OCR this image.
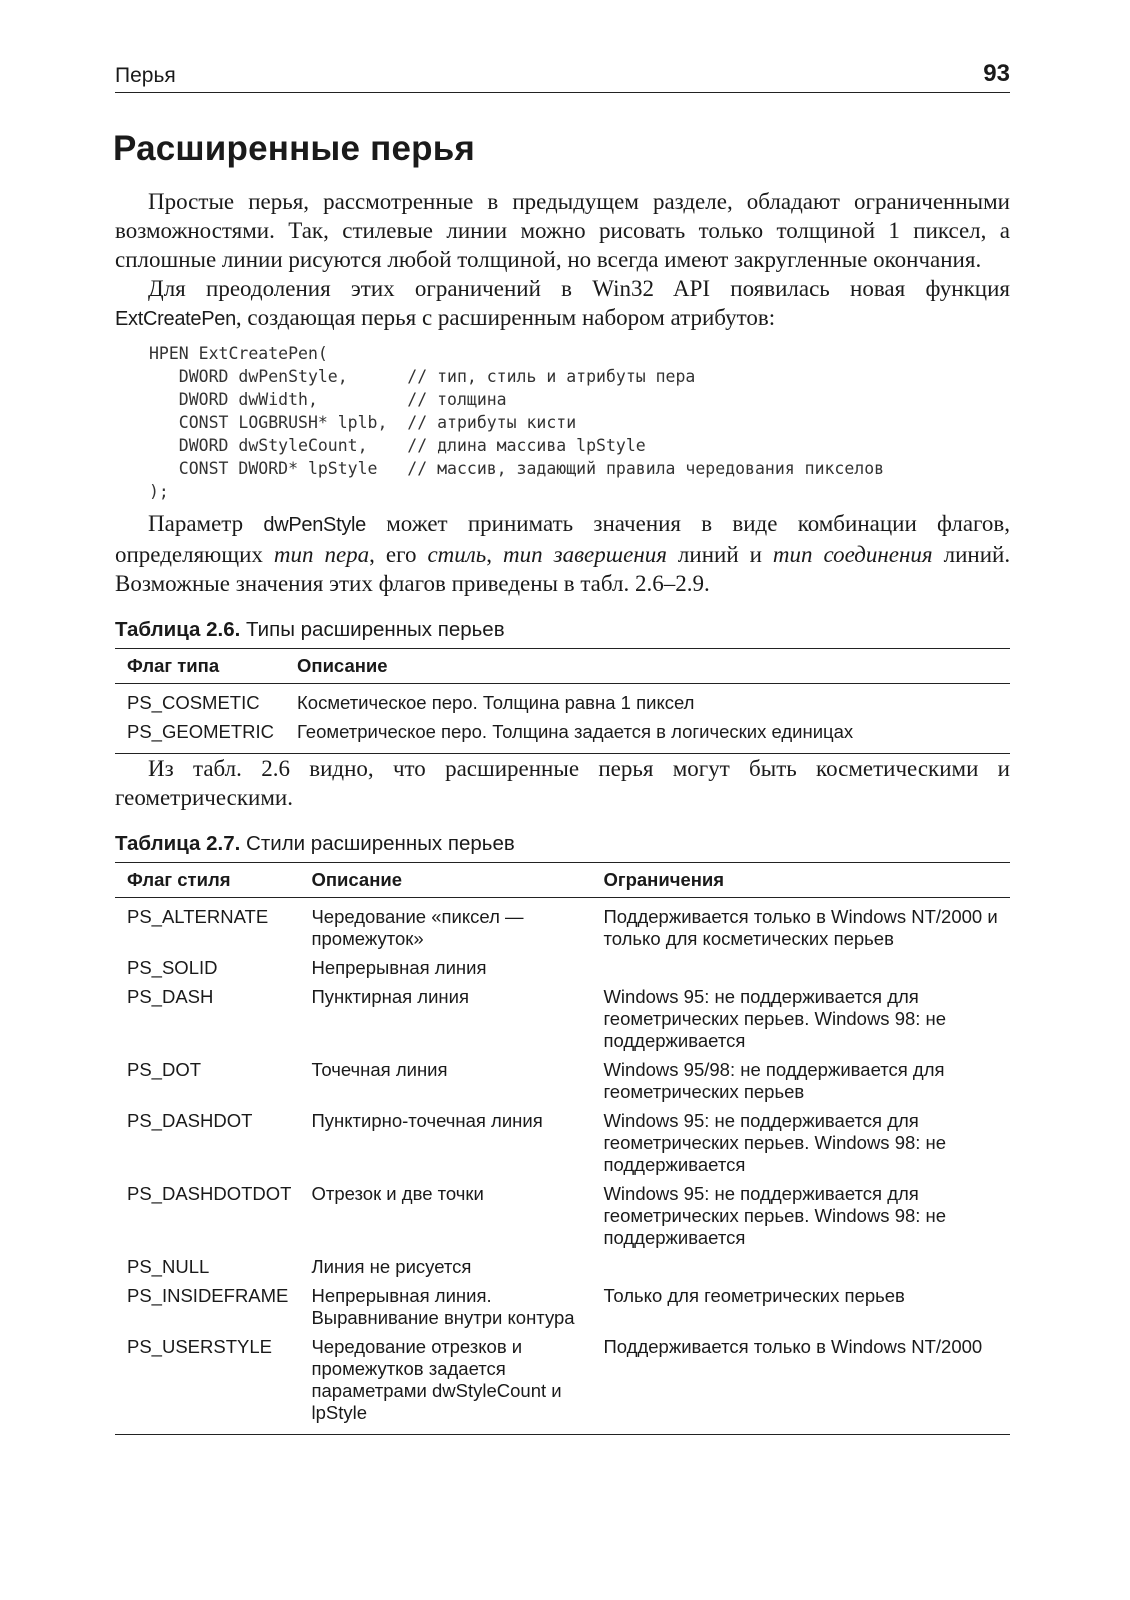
Перья	93
Расширенные перья

Простые перья, рассмотренные в предыдущем разделе, обладают ограниченными возможностями. Так, стилевые линии можно рисовать только толщиной 1 пиксел, а сплошные линии рисуются любой толщиной, но всегда имеют закругленные окончания.

Для преодоления этих ограничений в Win32 API появилась новая функция ExtCreatePen, создающая перья с расширенным набором атрибутов:

HPEN ExtCreatePen(
DWORD dwPenStyle,      // тип, стиль и атрибуты пера
DWORD dwWidth,         // толщина
CONST LOGBRUSH* lplb,  // атрибуты кисти
DWORD dwStyleCount,    // длина массива lpStyle
CONST DWORD* lpStyle   // массив, задающий правила чередования пикселов
);

Параметр dwPenStyle может принимать значения в виде комбинации флагов, определяющих тип пера, его стиль, тип завершения линий и тип соединения линий. Возможные значения этих флагов приведены в табл. 2.6–2.9.

Таблица 2.6. Типы расширенных перьев
Флаг типа	Описание
PS_COSMETIC	Косметическое перо. Толщина равна 1 пиксел
PS_GEOMETRIC	Геометрическое перо. Толщина задается в логических единицах

Из табл. 2.6 видно, что расширенные перья могут быть косметическими и геометрическими.

Таблица 2.7. Стили расширенных перьев
Флаг стиля	Описание	Ограничения
PS_ALTERNATE	Чередование «пиксел — промежуток»	Поддерживается только в Windows NT/2000 и только для косметических перьев
PS_SOLID	Непрерывная линия	
PS_DASH	Пунктирная линия	Windows 95: не поддерживается для геометрических перьев. Windows 98: не поддерживается
PS_DOT	Точечная линия	Windows 95/98: не поддерживается для геометрических перьев
PS_DASHDOT	Пунктирно-точечная линия	Windows 95: не поддерживается для геометрических перьев. Windows 98: не поддерживается
PS_DASHDOTDOT	Отрезок и две точки	Windows 95: не поддерживается для геометрических перьев. Windows 98: не поддерживается
PS_NULL	Линия не рисуется	
PS_INSIDEFRAME	Непрерывная линия. Выравнивание внутри контура	Только для геометрических перьев
PS_USERSTYLE	Чередование отрезков и промежутков задается параметрами dwStyleCount и lpStyle	Поддерживается только в Windows NT/2000
